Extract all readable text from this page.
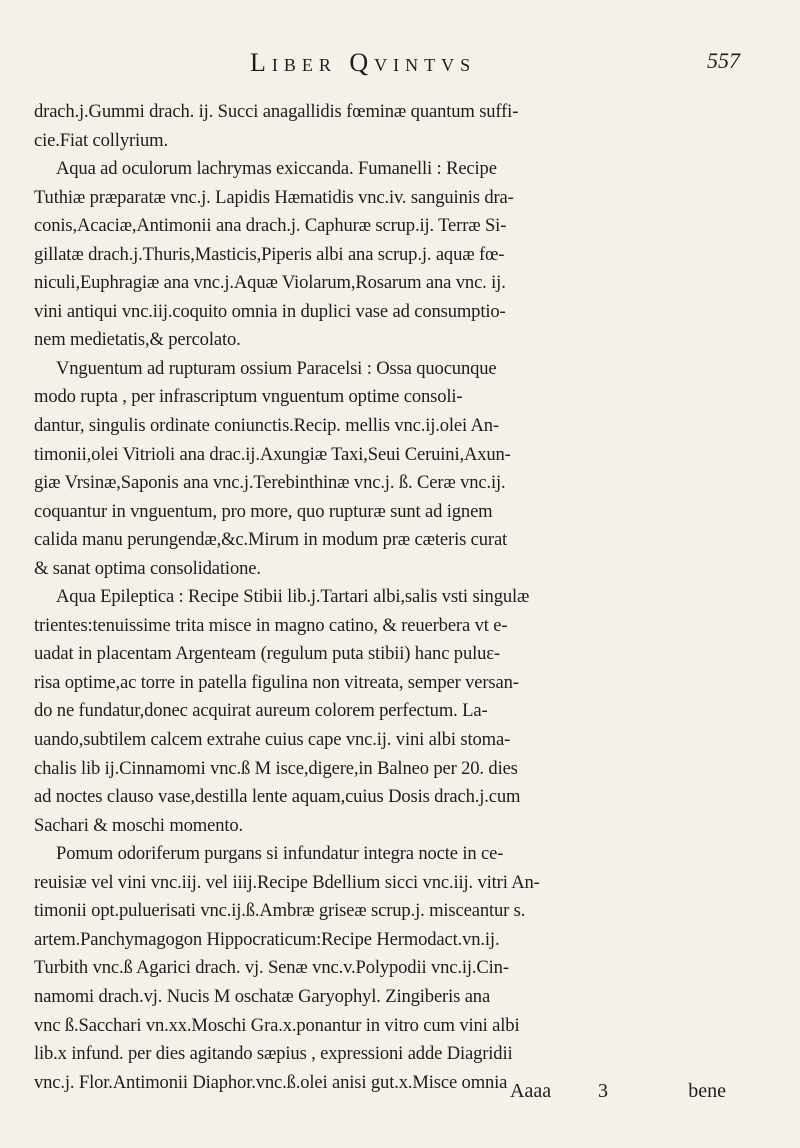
Liber Qvintvs	557
drach.j.Gummi drach. ij. Succi anagallidis fœminæ quantum suffi-
cie.Fiat collyrium.
Aqua ad oculorum lachrymas exiccanda. Fumanelli : Recipe
Tuthiæ præparatæ vnc.j. Lapidis Hæmatidis vnc.iv. sanguinis dra-
conis,Acaciæ,Antimonii ana drach.j. Caphuræ scrup.ij. Terræ Si-
gillatæ drach.j.Thuris,Masticis,Piperis albi ana scrup.j. aquæ fœ-
niculi,Euphragiæ ana vnc.j.Aquæ Violarum,Rosarum ana vnc. ij.
vini antiqui vnc.iij.coquito omnia in duplici vase ad consumptio-
nem medietatis,& percolato.
Vnguentum ad rupturam ossium Paracelsi : Ossa quocunque
modo rupta , per infrascriptum vnguentum optime consoli-
dantur, singulis ordinate coniunctis.Recip. mellis vnc.ij.olei An-
timonii,olei Vitrioli ana drac.ij.Axungiæ Taxi,Seui Ceruini,Axun-
giæ Vrsinæ,Saponis ana vnc.j.Terebinthinæ vnc.j. ß. Ceræ vnc.ij.
coquantur in vnguentum, pro more, quo rupturæ sunt ad ignem
calida manu perungendæ,&c.Mirum in modum præ cæteris curat
& sanat optima consolidatione.
Aqua Epileptica : Recipe Stibii lib.j.Tartari albi,salis vsti singulæ
trientes:tenuissime trita misce in magno catino, & reuerbera vt e-
uadat in placentam Argenteam (regulum puta stibii) hanc puluε-
risa optime,ac torre in patella figulina non vitreata, semper versan-
do ne fundatur,donec acquirat aureum colorem perfectum. La-
uando,subtilem calcem extrahe cuius cape vnc.ij. vini albi stoma-
chalis lib ij.Cinnamomi vnc.ß M isce,digere,in Balneo per 20. dies
ad noctes clauso vase,destilla lente aquam,cuius Dosis drach.j.cum
Sachari & moschi momento.
Pomum odoriferum purgans si infundatur integra nocte in ce-
reuisiæ vel vini vnc.iij. vel iiij.Recipe Bdellium sicci vnc.iij. vitri An-
timonii opt.puluerisati vnc.ij.ß.Ambræ grisеæ scrup.j. misceantur s.
artem.Panchymagogon Hippocraticum:Recipe Hermodact.vn.ij.
Turbith vnc.ß Agarici drach. vj. Senæ vnc.v.Polypodii vnc.ij.Cin-
namomi drach.vj. Nucis M oschatæ Garyophyl. Zingiberis ana
vnc ß.Sacchari vn.xx.Moschi Gra.x.ponantur in vitro cum vini albi
lib.x infund. per dies agitando sæpius , expressioni adde Diagridii
vnc.j. Flor.Antimonii Diaphor.vnc.ß.olei anisi gut.x.Misce omnia Aaaa 3	bene
